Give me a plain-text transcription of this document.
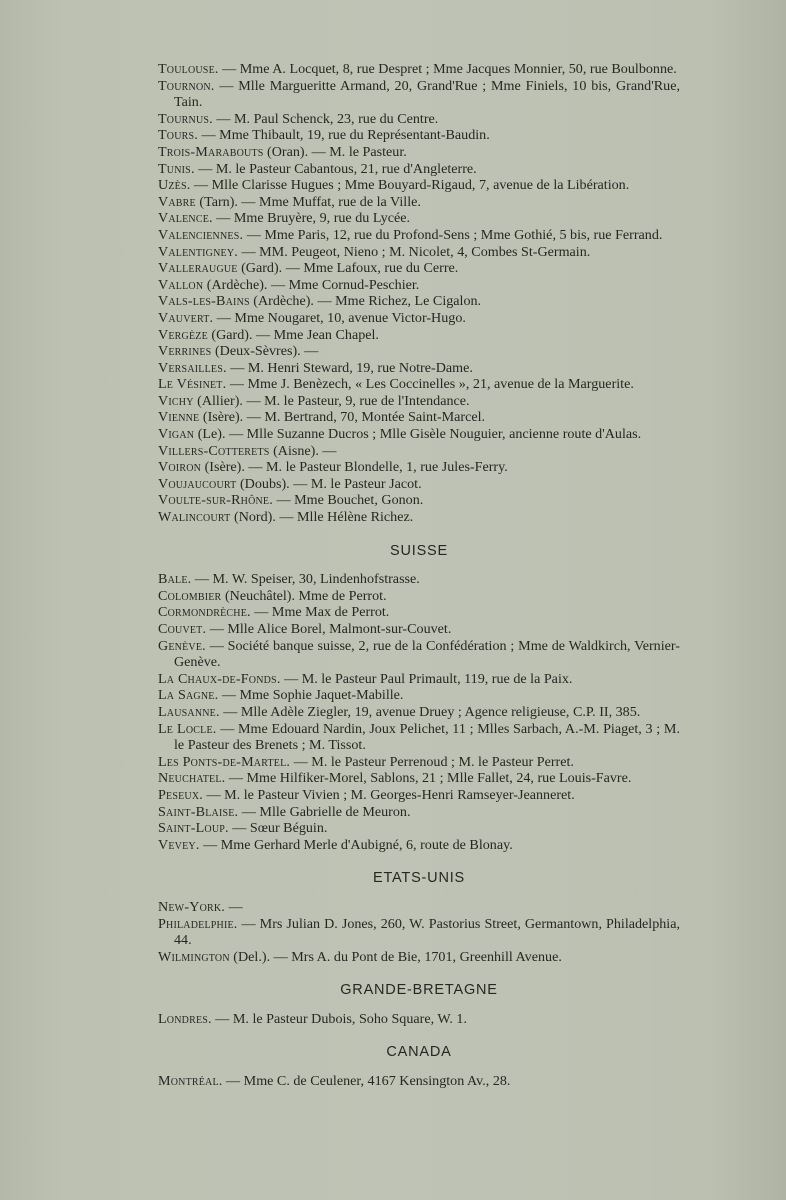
Toulouse. — Mme A. Locquet, 8, rue Despret ; Mme Jacques Monnier, 50, rue Boulbonne.
Tournon. — Mlle Margueritte Armand, 20, Grand'Rue ; Mme Finiels, 10 bis, Grand'Rue, Tain.
Tournus. — M. Paul Schenck, 23, rue du Centre.
Tours. — Mme Thibault, 19, rue du Représentant-Baudin.
Trois-Marabouts (Oran). — M. le Pasteur.
Tunis. — M. le Pasteur Cabantous, 21, rue d'Angleterre.
Uzès. — Mlle Clarisse Hugues ; Mme Bouyard-Rigaud, 7, avenue de la Libération.
Vabre (Tarn). — Mme Muffat, rue de la Ville.
Valence. — Mme Bruyère, 9, rue du Lycée.
Valenciennes. — Mme Paris, 12, rue du Profond-Sens ; Mme Gothié, 5 bis, rue Ferrand.
Valentigney. — MM. Peugeot, Nieno ; M. Nicolet, 4, Combes St-Germain.
Valleraugue (Gard). — Mme Lafoux, rue du Cerre.
Vallon (Ardèche). — Mme Cornud-Peschier.
Vals-les-Bains (Ardèche). — Mme Richez, Le Cigalon.
Vauvert. — Mme Nougaret, 10, avenue Victor-Hugo.
Vergèze (Gard). — Mme Jean Chapel.
Verrines (Deux-Sèvres). —
Versailles. — M. Henri Steward, 19, rue Notre-Dame.
Le Vésinet. — Mme J. Benèzech, « Les Coccinelles », 21, avenue de la Marguerite.
Vichy (Allier). — M. le Pasteur, 9, rue de l'Intendance.
Vienne (Isère). — M. Bertrand, 70, Montée Saint-Marcel.
Vigan (Le). — Mlle Suzanne Ducros ; Mlle Gisèle Nouguier, ancienne route d'Aulas.
Villers-Cotterets (Aisne). —
Voiron (Isère). — M. le Pasteur Blondelle, 1, rue Jules-Ferry.
Voujaucourt (Doubs). — M. le Pasteur Jacot.
Voulte-sur-Rhône. — Mme Bouchet, Gonon.
Walincourt (Nord). — Mlle Hélène Richez.
SUISSE
Bale. — M. W. Speiser, 30, Lindenhofstrasse.
Colombier (Neuchâtel). Mme de Perrot.
Cormondrèche. — Mme Max de Perrot.
Couvet. — Mlle Alice Borel, Malmont-sur-Couvet.
Genève. — Société banque suisse, 2, rue de la Confédération ; Mme de Waldkirch, Vernier-Genève.
La Chaux-de-Fonds. — M. le Pasteur Paul Primault, 119, rue de la Paix.
La Sagne. — Mme Sophie Jaquet-Mabille.
Lausanne. — Mlle Adèle Ziegler, 19, avenue Druey ; Agence religieuse, C.P. II, 385.
Le Locle. — Mme Edouard Nardin, Joux Pelichet, 11 ; Mlles Sarbach, A.-M. Piaget, 3 ; M. le Pasteur des Brenets ; M. Tissot.
Les Ponts-de-Martel. — M. le Pasteur Perrenoud ; M. le Pasteur Perret.
Neuchatel. — Mme Hilfiker-Morel, Sablons, 21 ; Mlle Fallet, 24, rue Louis-Favre.
Peseux. — M. le Pasteur Vivien ; M. Georges-Henri Ramseyer-Jeanneret.
Saint-Blaise. — Mlle Gabrielle de Meuron.
Saint-Loup. — Sœur Béguin.
Vevey. — Mme Gerhard Merle d'Aubigné, 6, route de Blonay.
ETATS-UNIS
New-York. —
Philadelphie. — Mrs Julian D. Jones, 260, W. Pastorius Street, Germantown, Philadelphia, 44.
Wilmington (Del.). — Mrs A. du Pont de Bie, 1701, Greenhill Avenue.
GRANDE-BRETAGNE
Londres. — M. le Pasteur Dubois, Soho Square, W. 1.
CANADA
Montréal. — Mme C. de Ceulener, 4167 Kensington Av., 28.
